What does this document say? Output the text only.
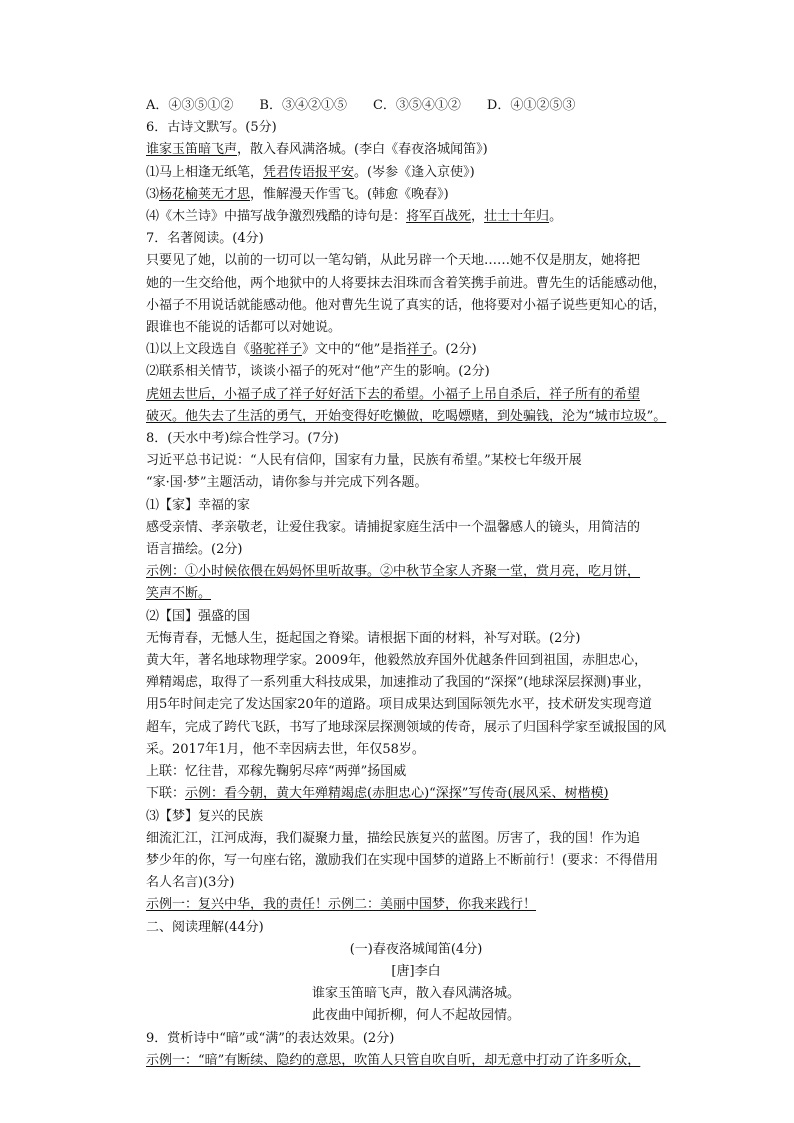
A．④③⑤①② B．③④②①⑤ C．③⑤④①② D．④①②⑤③
6．古诗文默写。(5分)
谁家玉笛暗飞声，散入春风满洛城。(李白《春夜洛城闻笛》)
⑴马上相逢无纸笔，凭君传语报平安。(岑参《逢入京使》)
⑶杨花榆荚无才思，惟解漫天作雪飞。(韩愈《晚春》)
⑷《木兰诗》中描写战争激烈残酷的诗句是：将军百战死，壮士十年归。
7．名著阅读。(4分)
只要见了她，以前的一切可以一笔勾销，从此另辟一个天地……她不仅是朋友，她将把
她的一生交给他，两个地狱中的人将要抹去泪珠而含着笑携手前进。曹先生的话能感动他，
小福子不用说话就能感动他。他对曹先生说了真实的话，他将要对小福子说些更知心的话，
跟谁也不能说的话都可以对她说。
⑴以上文段选自《骆驼祥子》文中的“他”是指祥子。(2分)
⑵联系相关情节，谈谈小福子的死对“他”产生的影响。(2分)
虎妞去世后，小福子成了祥子好好活下去的希望。小福子上吊自杀后，祥子所有的希望
破灭。他失去了生活的勇气，开始变得好吃懒做，吃喝嫖赌，到处骗钱，沦为“城市垃圾”。
8．(天水中考)综合性学习。(7分)
习近平总书记说：“人民有信仰，国家有力量，民族有希望。”某校七年级开展
“家·国·梦”主题活动，请你参与并完成下列各题。
⑴【家】幸福的家
感受亲情、孝亲敬老，让爱住我家。请捕捉家庭生活中一个温馨感人的镜头，用简洁的
语言描绘。(2分)
示例：①小时候依偎在妈妈怀里听故事。②中秋节全家人齐聚一堂，赏月亮，吃月饼，
笑声不断。
⑵【国】强盛的国
无悔青春，无憾人生，挺起国之脊梁。请根据下面的材料，补写对联。(2分)
黄大年，著名地球物理学家。2009年，他毅然放弃国外优越条件回到祖国，赤胆忠心，
殚精竭虑，取得了一系列重大科技成果，加速推动了我国的“深探”(地球深层探测)事业，
用5年时间走完了发达国家20年的道路。项目成果达到国际领先水平，技术研发实现弯道
超车，完成了跨代飞跃，书写了地球深层探测领域的传奇，展示了归国科学家至诚报国的风
采。2017年1月，他不幸因病去世，年仅58岁。
上联：忆往昔，邓稼先鞠躬尽瘁“两弹”扬国威
下联：示例：看今朝，黄大年殚精竭虑(赤胆忠心)“深探”写传奇(展风采、树楷模)
⑶【梦】复兴的民族
细流汇江，江河成海，我们凝聚力量，描绘民族复兴的蓝图。厉害了，我的国！作为追
梦少年的你，写一句座右铭，激励我们在实现中国梦的道路上不断前行！(要求：不得借用
名人名言)(3分)
示例一：复兴中华，我的责任！示例二：美丽中国梦，你我来践行！
二、阅读理解(44分)
(一)春夜洛城闻笛(4分)
[唐]李白
谁家玉笛暗飞声，散入春风满洛城。
此夜曲中闻折柳，何人不起故园情。
9．赏析诗中“暗”或“满”的表达效果。(2分)
示例一：“暗”有断续、隐约的意思，吹笛人只管自吹自听，却无意中打动了许多听众，
